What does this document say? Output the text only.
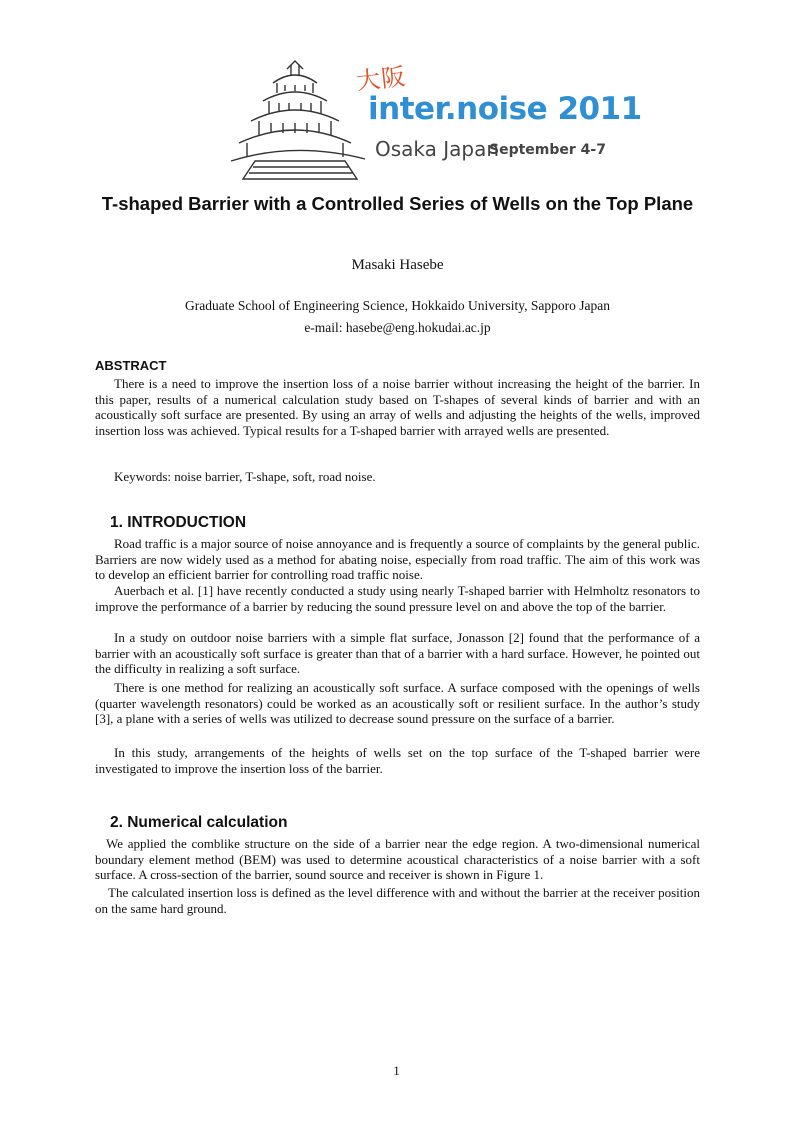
大阪
inter.noise 2011
Osaka Japan
September 4-7
T-shaped Barrier with a Controlled Series of Wells on the Top Plane
Masaki Hasebe
Graduate School of Engineering Science, Hokkaido University, Sapporo Japan
e-mail: hasebe@eng.hokudai.ac.jp
ABSTRACT

There is a need to improve the insertion loss of a noise barrier without increasing the height of the barrier. In this paper, results of a numerical calculation study based on T-shapes of several kinds of barrier and with an acoustically soft surface are presented. By using an array of wells and adjusting the heights of the wells, improved insertion loss was achieved. Typical results for a T-shaped barrier with arrayed wells are presented.

Keywords: noise barrier, T-shape, soft, road noise.

1. INTRODUCTION

Road traffic is a major source of noise annoyance and is frequently a source of complaints by the general public. Barriers are now widely used as a method for abating noise, especially from road traffic. The aim of this work was to develop an efficient barrier for controlling road traffic noise.

Auerbach et al. [1] have recently conducted a study using nearly T-shaped barrier with Helmholtz resonators to improve the performance of a barrier by reducing the sound pressure level on and above the top of the barrier.

In a study on outdoor noise barriers with a simple flat surface, Jonasson [2] found that the performance of a barrier with an acoustically soft surface is greater than that of a barrier with a hard surface. However, he pointed out the difficulty in realizing a soft surface.

There is one method for realizing an acoustically soft surface. A surface composed with the openings of wells (quarter wavelength resonators) could be worked as an acoustically soft or resilient surface. In the author’s study [3], a plane with a series of wells was utilized to decrease sound pressure on the surface of a barrier.

In this study, arrangements of the heights of wells set on the top surface of the T-shaped barrier were investigated to improve the insertion loss of the barrier.

2. Numerical calculation

We applied the comblike structure on the side of a barrier near the edge region. A two-dimensional numerical boundary element method (BEM) was used to determine acoustical characteristics of a noise barrier with a soft surface. A cross-section of the barrier, sound source and receiver is shown in Figure 1.

The calculated insertion loss is defined as the level difference with and without the barrier at the receiver position on the same hard ground.

1
